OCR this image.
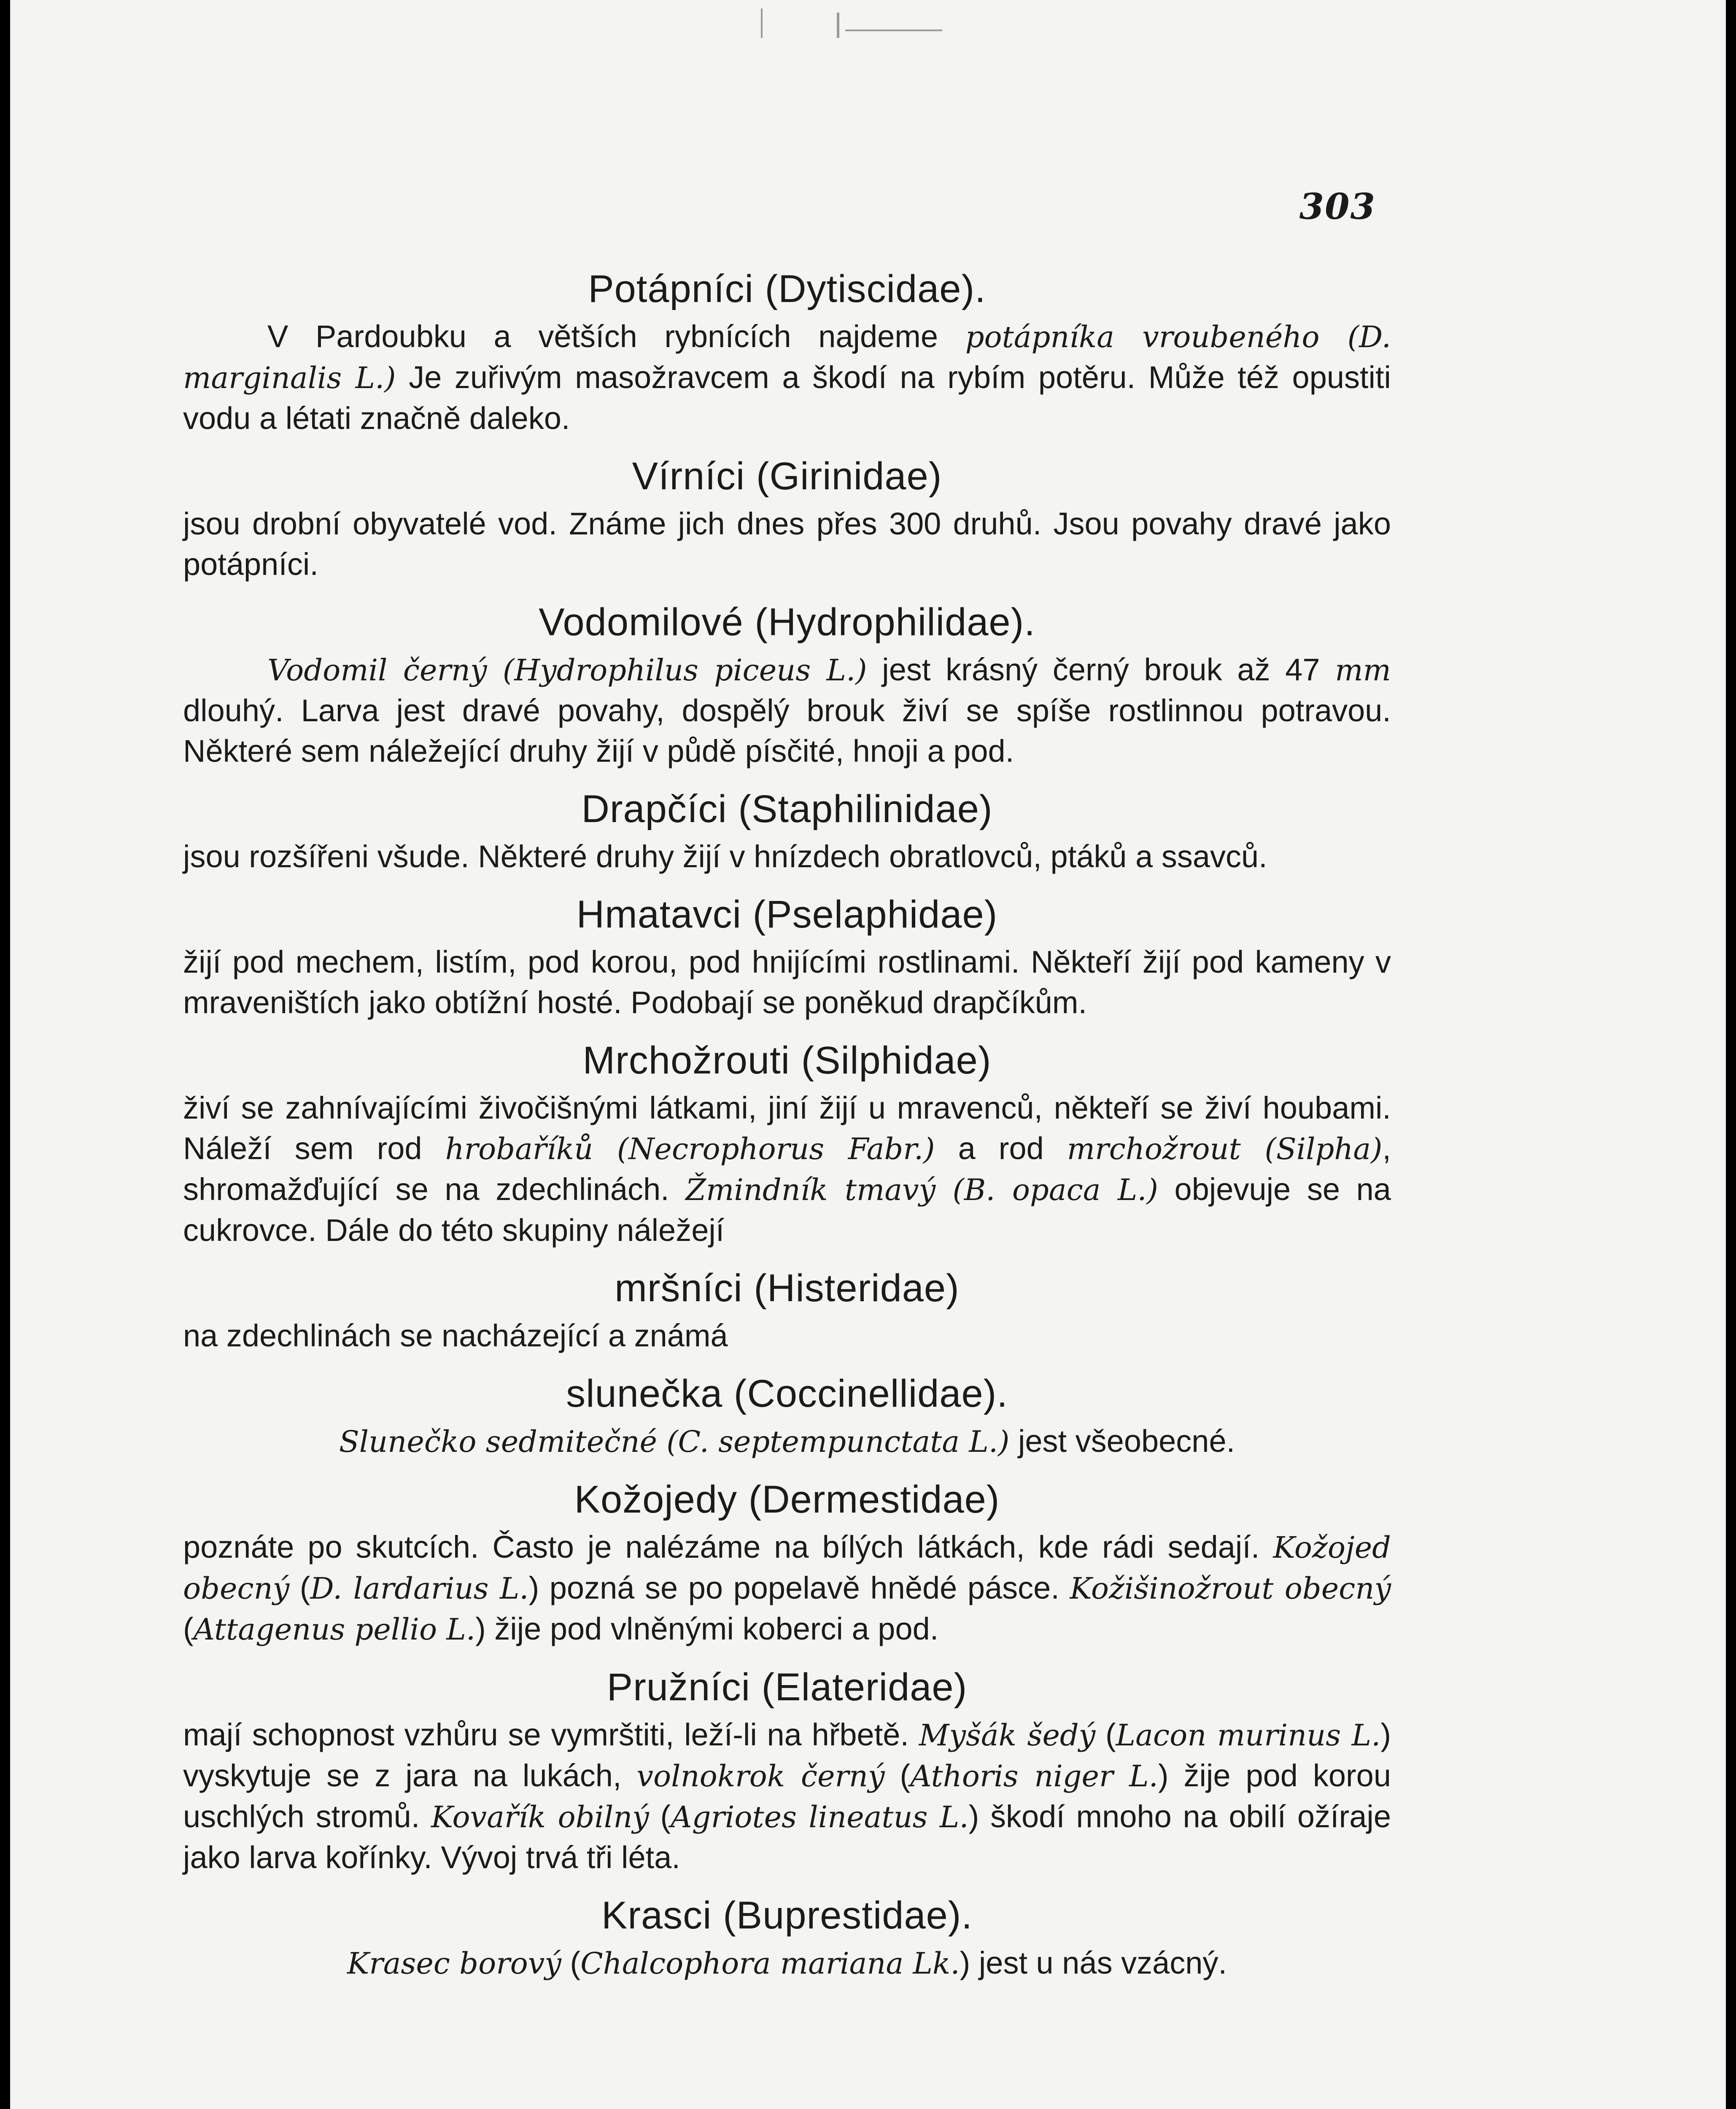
303
Potápníci (Dytiscidae).

V Pardoubku a větších rybnících najdeme potápníka vroubeného (D. marginalis L.) Je zuřivým masožravcem a škodí na rybím potěru. Může též opustiti vodu a létati značně daleko.

Vírníci (Girinidae)

jsou drobní obyvatelé vod. Známe jich dnes přes 300 druhů. Jsou povahy dravé jako potápníci.

Vodomilové (Hydrophilidae).

Vodomil černý (Hydrophilus piceus L.) jest krásný černý brouk až 47 mm dlouhý. Larva jest dravé povahy, dospělý brouk živí se spíše rostlinnou potravou. Některé sem náležející druhy žijí v půdě písčité, hnoji a pod.

Drapčíci (Staphilinidae)

jsou rozšířeni všude. Některé druhy žijí v hnízdech obratlovců, ptáků a ssavců.

Hmatavci (Pselaphidae)

žijí pod mechem, listím, pod korou, pod hnijícími rostlinami. Někteří žijí pod kameny v mraveništích jako obtížní hosté. Podobají se poněkud drapčíkům.

Mrchožrouti (Silphidae)

živí se zahnívajícími živočišnými látkami, jiní žijí u mravenců, někteří se živí houbami. Náleží sem rod hrobaříků (Necrophorus Fabr.) a rod mrchožrout (Silpha), shromažďující se na zdechlinách. Žmindník tmavý (B. opaca L.) objevuje se na cukrovce. Dále do této skupiny náležejí

mršníci (Histeridae)

na zdechlinách se nacházející a známá

slunečka (Coccinellidae).

Slunečko sedmitečné (C. septempunctata L.) jest všeobecné.

Kožojedy (Dermestidae)

poznáte po skutcích. Často je nalézáme na bílých látkách, kde rádi sedají. Kožojed obecný (D. lardarius L.) pozná se po popelavě hnědé pásce. Kožišinožrout obecný (Attagenus pellio L.) žije pod vlněnými koberci a pod.

Pružníci (Elateridae)

mají schopnost vzhůru se vymrštiti, leží-li na hřbetě. Myšák šedý (Lacon murinus L.) vyskytuje se z jara na lukách, volnokrok černý (Athoris niger L.) žije pod korou uschlých stromů. Kovařík obilný (Agriotes lineatus L.) škodí mnoho na obilí ožíraje jako larva kořínky. Vývoj trvá tři léta.

Krasci (Buprestidae).

Krasec borový (Chalcophora mariana Lk.) jest u nás vzácný.
